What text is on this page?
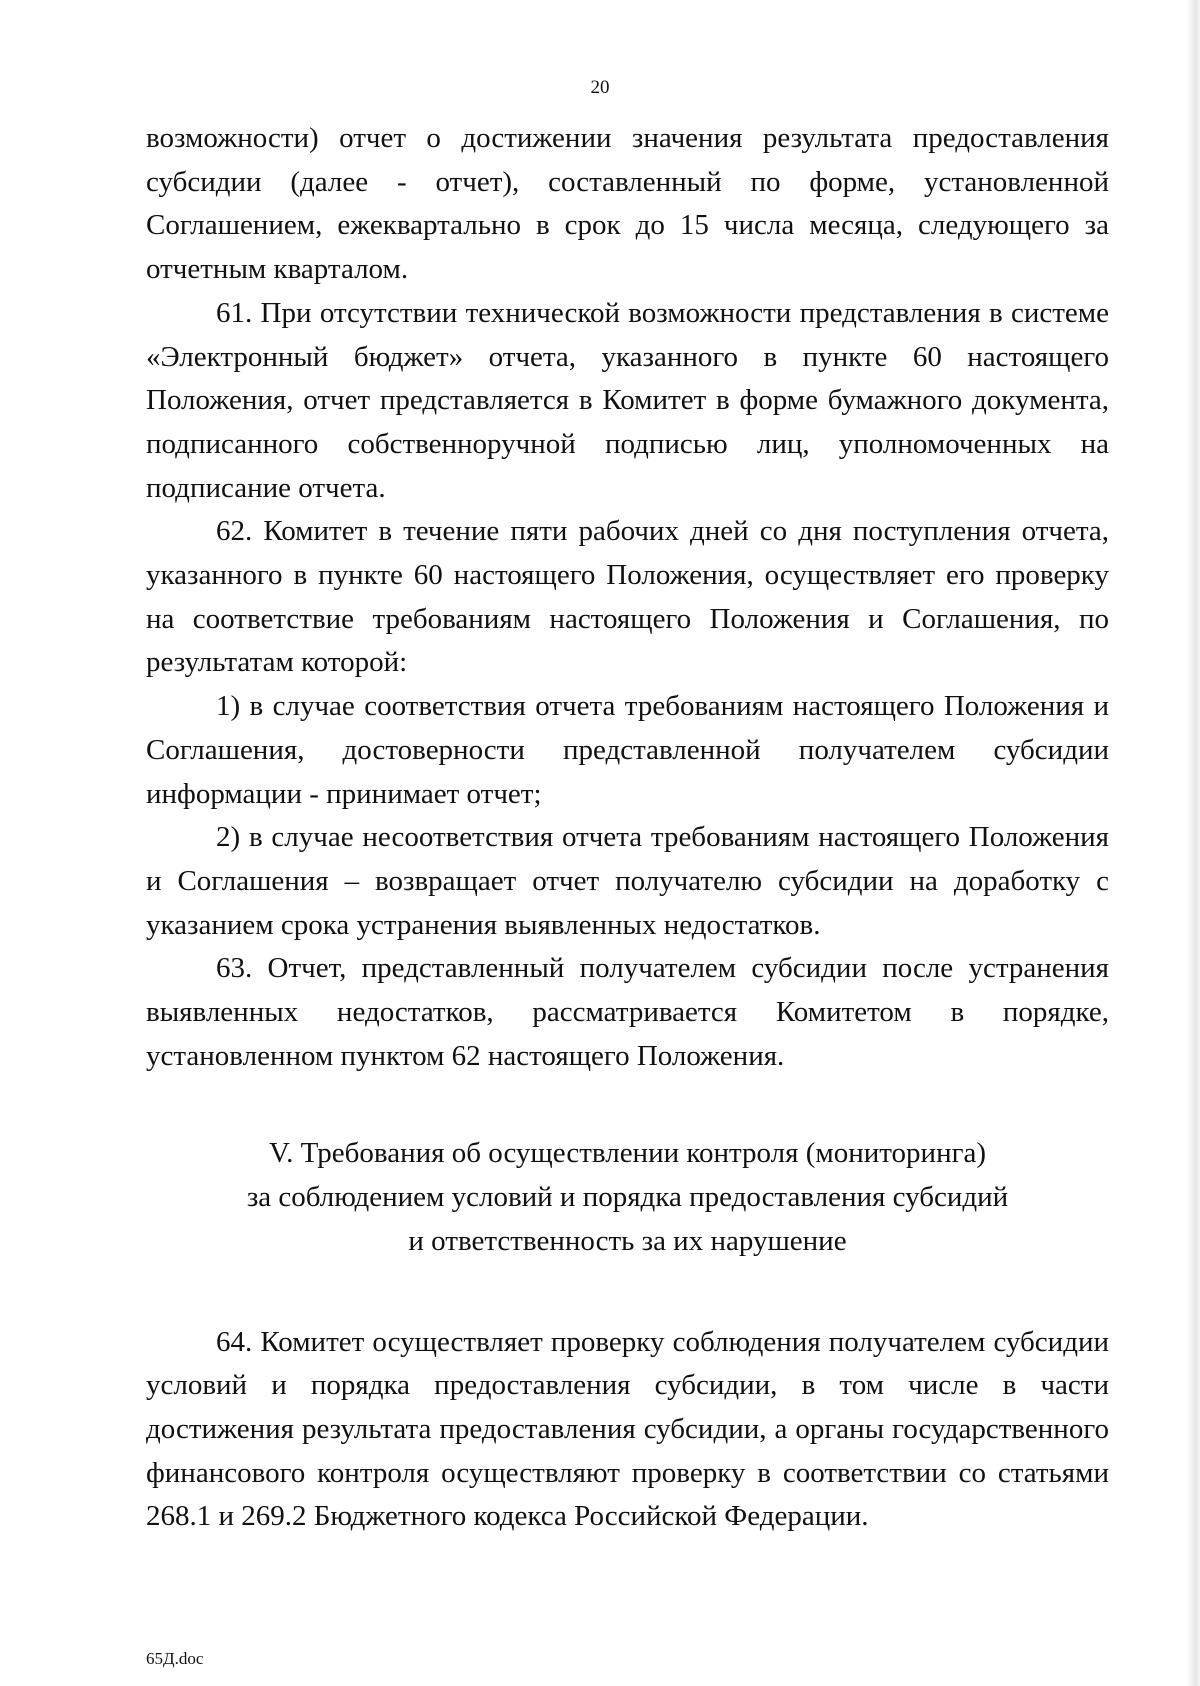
20

возможности) отчет о достижении значения результата предоставления субсидии (далее - отчет), составленный по форме, установленной Соглашением, ежеквартально в срок до 15 числа месяца, следующего за отчетным кварталом.

61. При отсутствии технической возможности представления в системе «Электронный бюджет» отчета, указанного в пункте 60 настоящего Положения, отчет представляется в Комитет в форме бумажного документа, подписанного собственноручной подписью лиц, уполномоченных на подписание отчета.

62. Комитет в течение пяти рабочих дней со дня поступления отчета, указанного в пункте 60 настоящего Положения, осуществляет его проверку на соответствие требованиям настоящего Положения и Соглашения, по результатам которой:

1) в случае соответствия отчета требованиям настоящего Положения и Соглашения, достоверности представленной получателем субсидии информации - принимает отчет;

2) в случае несоответствия отчета требованиям настоящего Положения и Соглашения – возвращает отчет получателю субсидии на доработку с указанием срока устранения выявленных недостатков.

63. Отчет, представленный получателем субсидии после устранения выявленных недостатков, рассматривается Комитетом в порядке, установленном пунктом 62 настоящего Положения.

V. Требования об осуществлении контроля (мониторинга)
за соблюдением условий и порядка предоставления субсидий
и ответственность за их нарушение

64. Комитет осуществляет проверку соблюдения получателем субсидии условий и порядка предоставления субсидии, в том числе в части достижения результата предоставления субсидии, а органы государственного финансового контроля осуществляют проверку в соответствии со статьями 268.1 и 269.2 Бюджетного кодекса Российской Федерации.

65Д.doc
